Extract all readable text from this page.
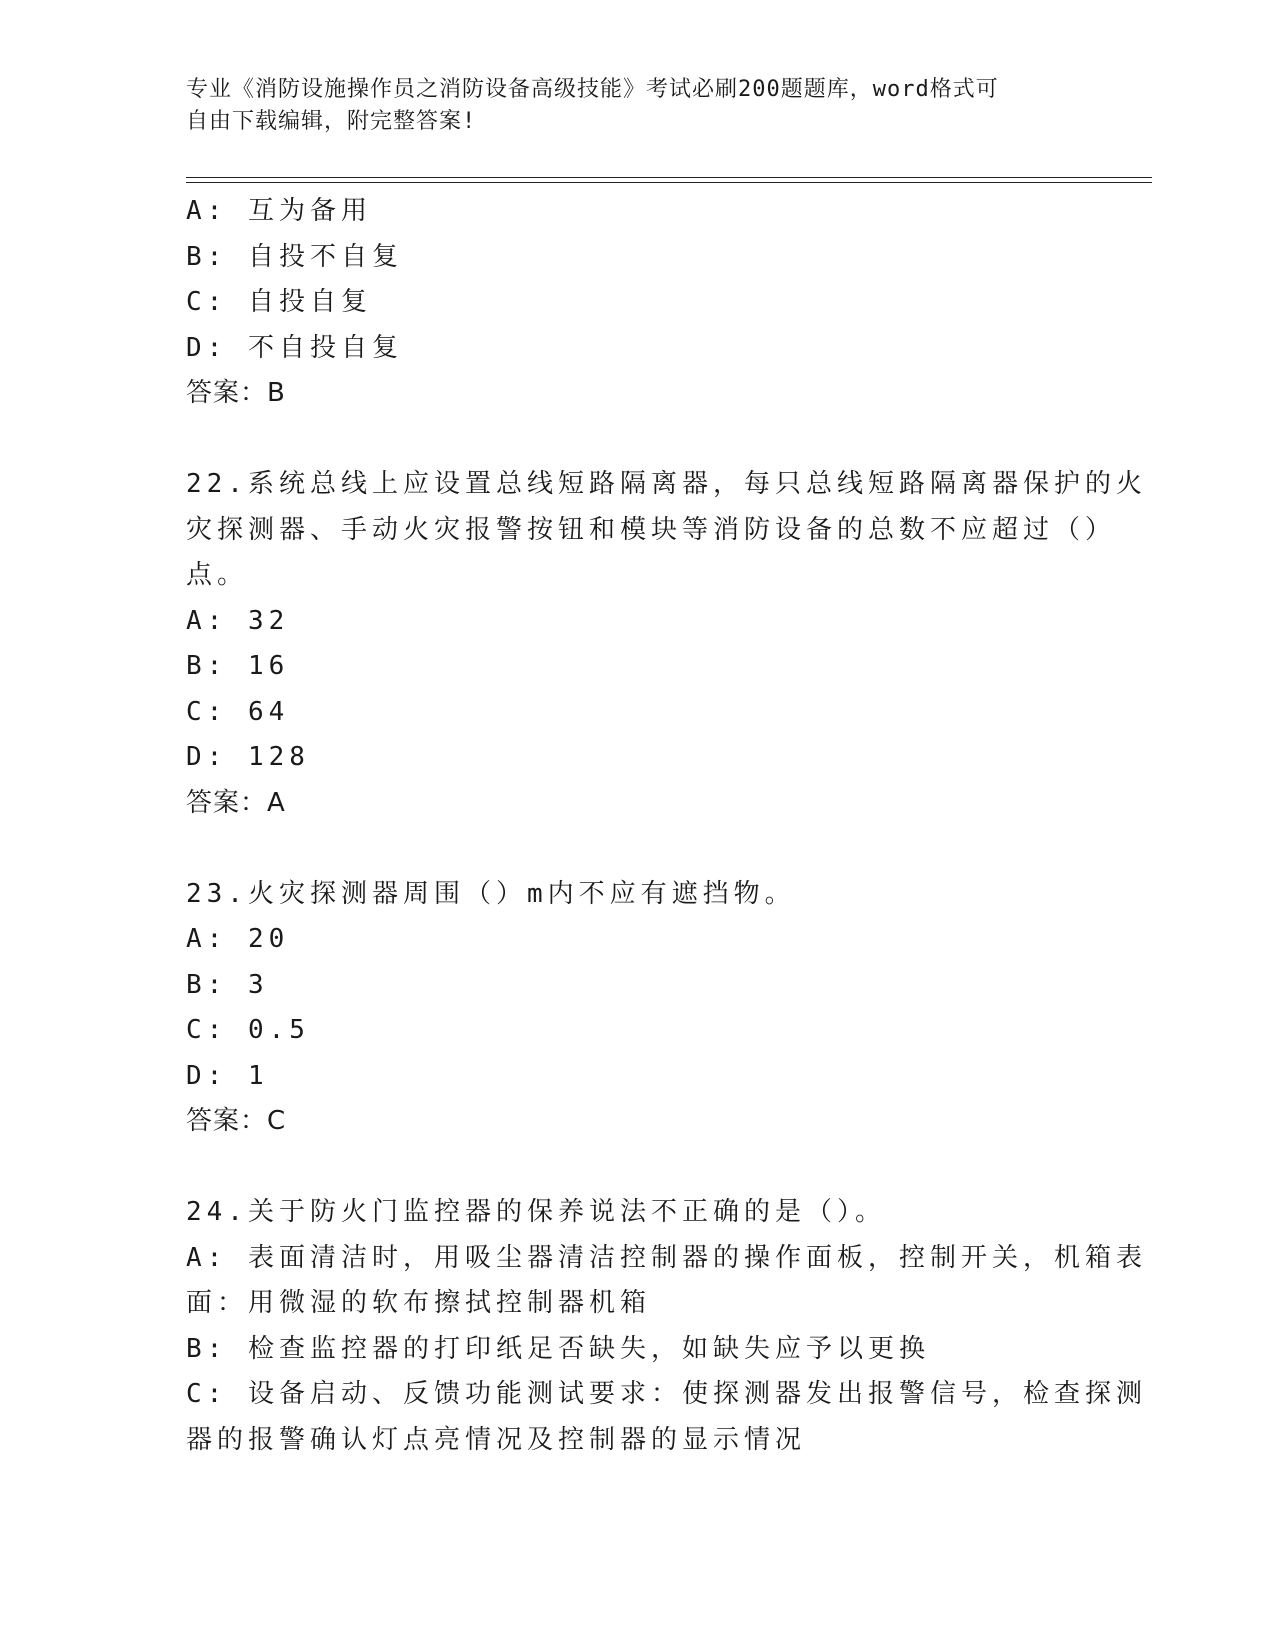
专业《消防设施操作员之消防设备高级技能》考试必刷200题题库，word格式可
自由下载编辑，附完整答案!
A: 互为备用
B: 自投不自复
C: 自投自复
D: 不自投自复
答案：B
22.系统总线上应设置总线短路隔离器，每只总线短路隔离器保护的火
灾探测器、手动火灾报警按钮和模块等消防设备的总数不应超过（）
点。
A: 32
B: 16
C: 64
D: 128
答案：A
23.火灾探测器周围（）m内不应有遮挡物。
A: 20
B: 3
C: 0.5
D: 1
答案：C
24.关于防火门监控器的保养说法不正确的是（）。
A: 表面清洁时，用吸尘器清洁控制器的操作面板，控制开关，机箱表
面：用微湿的软布擦拭控制器机箱
B: 检查监控器的打印纸足否缺失，如缺失应予以更换
C: 设备启动、反馈功能测试要求：使探测器发出报警信号，检查探测
器的报警确认灯点亮情况及控制器的显示情况
